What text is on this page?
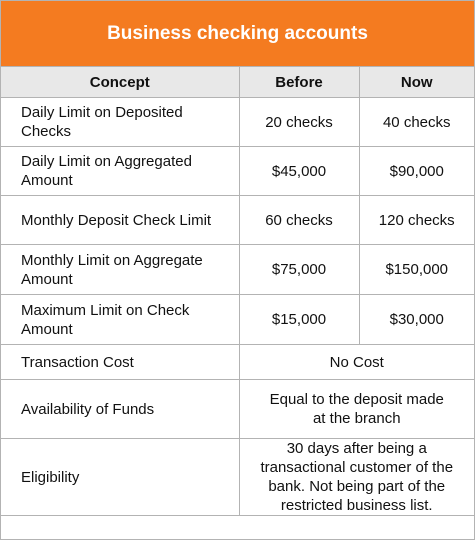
Business checking accounts
Concept	Before	Now
Daily Limit on Deposited Checks	20 checks	40 checks
Daily Limit on Aggregated Amount	$45,000	$90,000
Monthly Deposit Check Limit	60 checks	120 checks
Monthly Limit on Aggregate Amount	$75,000	$150,000
Maximum Limit on Check Amount	$15,000	$30,000
Transaction Cost	No Cost	
Availability of Funds	Equal to the deposit made at the branch	
Eligibility	30 days after being a transactional customer of the bank. Not being part of the restricted business list.	
